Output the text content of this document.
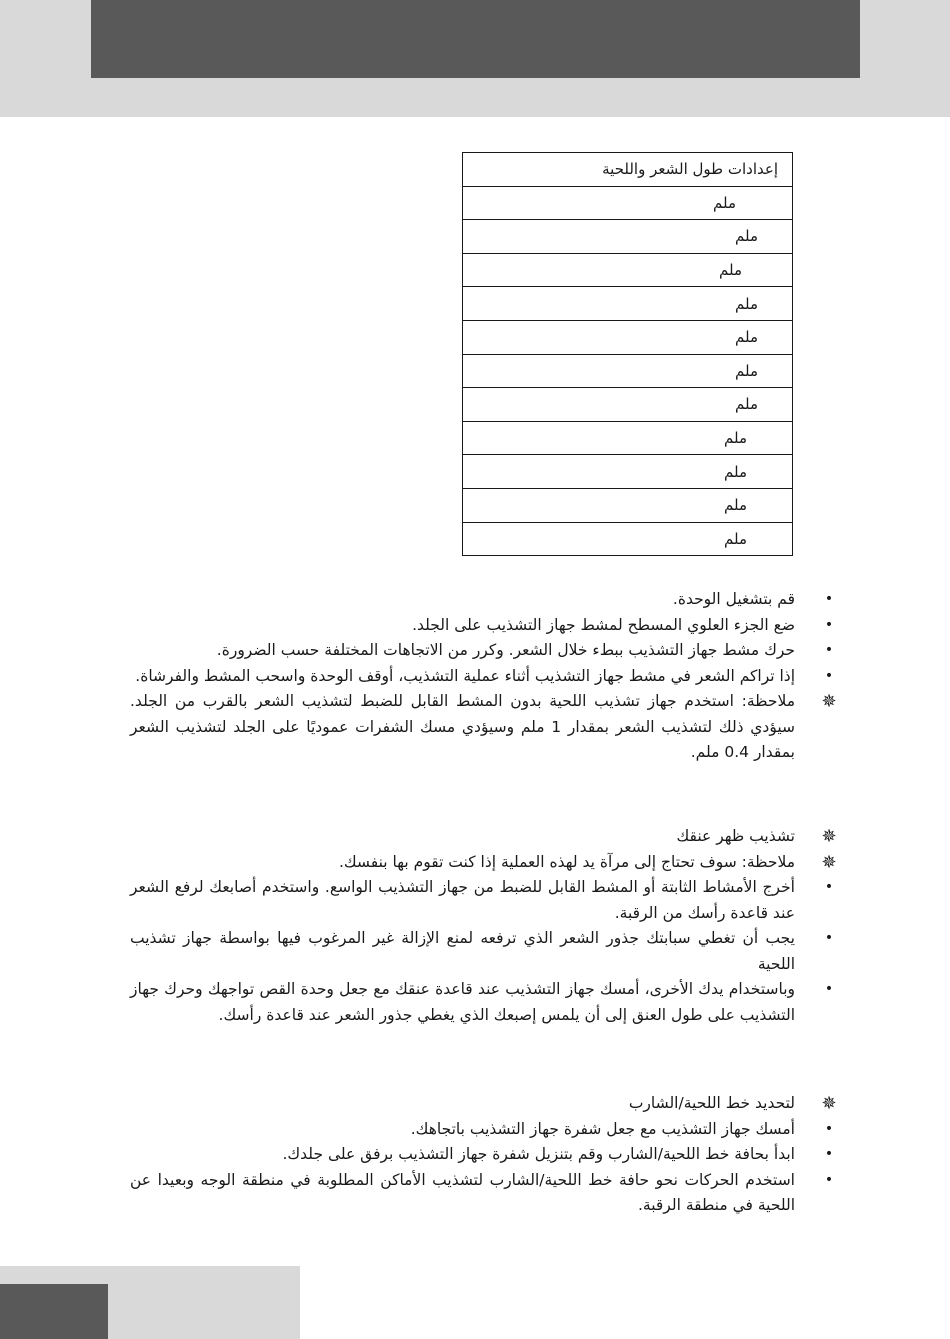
إعدادات طول الشعر واللحية
ملم
ملم
ملم
ملم
ملم
ملم
ملم
ملم
ملم
ملم
ملم
•
قم بتشغيل الوحدة.
•
ضع الجزء العلوي المسطح لمشط جهاز التشذيب على الجلد.
•
حرك مشط جهاز التشذيب ببطء خلال الشعر. وكرر من الاتجاهات المختلفة حسب الضرورة.
•
إذا تراكم الشعر في مشط جهاز التشذيب أثناء عملية التشذيب، أوقف الوحدة واسحب المشط والفرشاة.
✵
ملاحظة: استخدم جهاز تشذيب اللحية بدون المشط القابل للضبط لتشذيب الشعر بالقرب من الجلد. سيؤدي ذلك لتشذيب الشعر بمقدار 1 ملم وسيؤدي مسك الشفرات عموديًا على الجلد لتشذيب الشعر بمقدار 0.4 ملم.
✵
تشذيب ظهر عنقك
✵
ملاحظة: سوف تحتاج إلى مرآة يد لهذه العملية إذا كنت تقوم بها بنفسك.
•
أخرج الأمشاط الثابتة أو المشط القابل للضبط من جهاز التشذيب الواسع. واستخدم أصابعك لرفع الشعر عند قاعدة رأسك من الرقبة.
•
يجب أن تغطي سبابتك جذور الشعر الذي ترفعه لمنع الإزالة غير المرغوب فيها بواسطة جهاز تشذيب اللحية
•
وباستخدام يدك الأخرى، أمسك جهاز التشذيب عند قاعدة عنقك مع جعل وحدة القص تواجهك وحرك جهاز التشذيب على طول العنق إلى أن يلمس إصبعك الذي يغطي جذور الشعر عند قاعدة رأسك.
✵
لتحديد خط اللحية/الشارب
•
أمسك جهاز التشذيب مع جعل شفرة جهاز التشذيب باتجاهك.
•
ابدأ بحافة خط اللحية/الشارب وقم بتنزيل شفرة جهاز التشذيب برفق على جلدك.
•
استخدم الحركات نحو حافة خط اللحية/الشارب لتشذيب الأماكن المطلوبة في منطقة الوجه وبعيدا عن اللحية في منطقة الرقبة.
